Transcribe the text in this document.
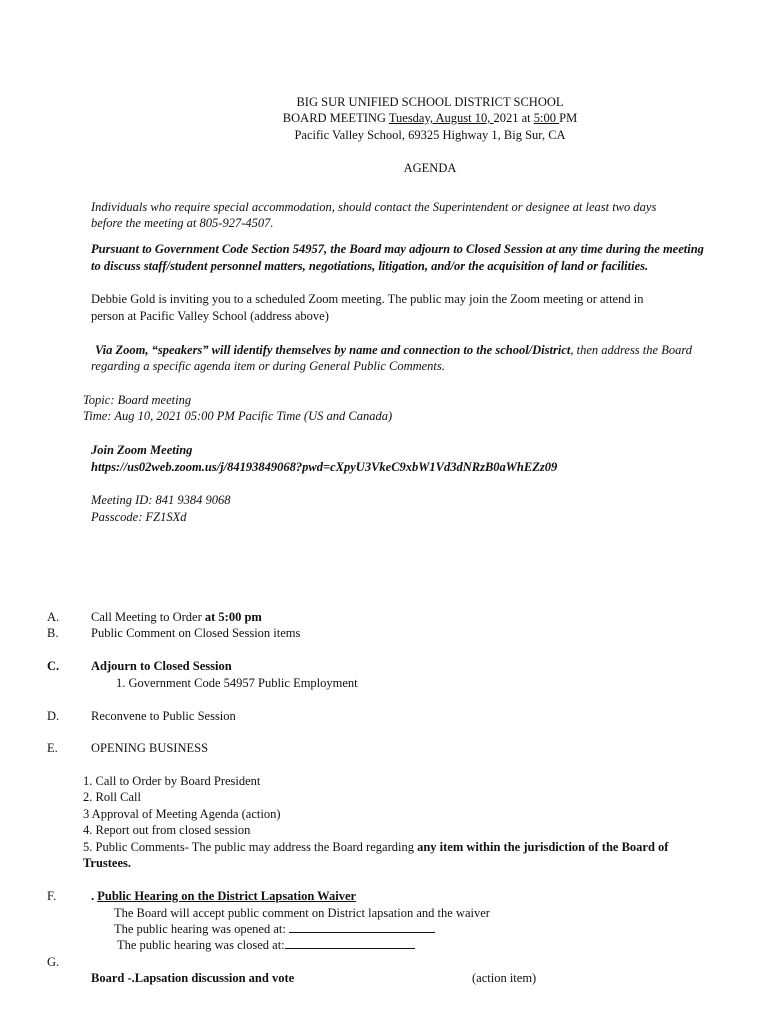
BIG SUR UNIFIED SCHOOL DISTRICT SCHOOL
BOARD MEETING Tuesday, August 10, 2021 at 5:00 PM
Pacific Valley School, 69325 Highway 1, Big Sur, CA
AGENDA
Individuals who require special accommodation, should contact the Superintendent or designee at least two days
before the meeting at 805-927-4507.
Pursuant to Government Code Section 54957, the Board may adjourn to Closed Session at any time during the meeting
to discuss staff/student personnel matters, negotiations, litigation, and/or the acquisition of land or facilities.
Debbie Gold is inviting you to a scheduled Zoom meeting. The public may join the Zoom meeting or attend in
person at Pacific Valley School (address above)
Via Zoom, “speakers” will identify themselves by name and connection to the school/District, then address the Board
regarding a specific agenda item or during General Public Comments.
Topic: Board meeting
Time: Aug 10, 2021 05:00 PM Pacific Time (US and Canada)
Join Zoom Meeting
https://us02web.zoom.us/j/84193849068?pwd=cXpyU3VkeC9xbW1Vd3dNRzB0aWhEZz09
Meeting ID: 841 9384 9068
Passcode: FZ1SXd
A.	Call Meeting to Order at 5:00 pm
B.	Public Comment on Closed Session items
C.	Adjourn to Closed Session
1. Government Code 54957 Public Employment
D.	Reconvene to Public Session
E.	OPENING BUSINESS
1. Call to Order by Board President
2. Roll Call
3 Approval of Meeting Agenda (action)
4. Report out from closed session
5. Public Comments- The public may address the Board regarding any item within the jurisdiction of the Board of
Trustees.
F.	. Public Hearing on the District Lapsation Waiver
The Board will accept public comment on District lapsation and the waiver
The public hearing was opened at:
The public hearing was closed at:
G.
Board -.Lapsation discussion and vote	(action item)
